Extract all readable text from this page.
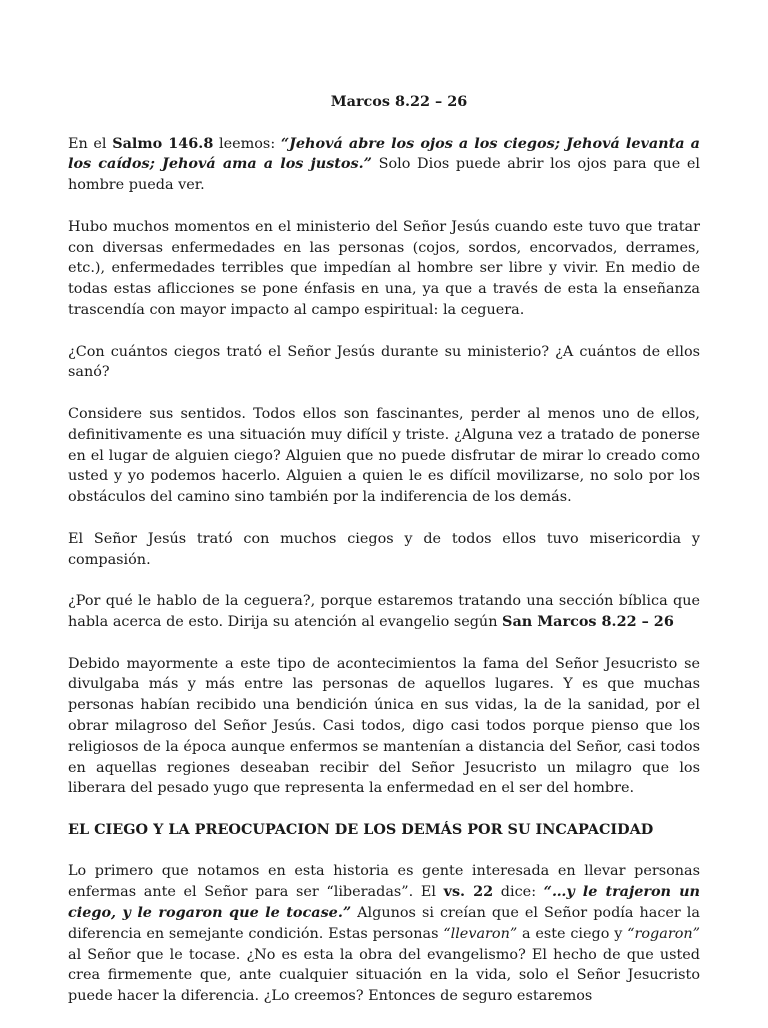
Marcos 8.22 – 26

En el Salmo 146.8 leemos: “Jehová abre los ojos a los ciegos; Jehová levanta a los caídos; Jehová ama a los justos.” Solo Dios puede abrir los ojos para que el hombre pueda ver.

Hubo muchos momentos en el ministerio del Señor Jesús cuando este tuvo que tratar con diversas enfermedades en las personas (cojos, sordos, encorvados, derrames, etc.), enfermedades terribles que impedían al hombre ser libre y vivir. En medio de todas estas aflicciones se pone énfasis en una, ya que a través de esta la enseñanza trascendía con mayor impacto al campo espiritual: la ceguera.

¿Con cuántos ciegos trató el Señor Jesús durante su ministerio? ¿A cuántos de ellos sanó?

Considere sus sentidos. Todos ellos son fascinantes, perder al menos uno de ellos, definitivamente es una situación muy difícil y triste. ¿Alguna vez a tratado de ponerse en el lugar de alguien ciego? Alguien que no puede disfrutar de mirar lo creado como usted y yo podemos hacerlo. Alguien a quien le es difícil movilizarse, no solo por los obstáculos del camino sino también por la indiferencia de los demás.

El Señor Jesús trató con muchos ciegos y de todos ellos tuvo misericordia y compasión.

¿Por qué le hablo de la ceguera?, porque estaremos tratando una sección bíblica que habla acerca de esto. Dirija su atención al evangelio según San Marcos 8.22 – 26

Debido mayormente a este tipo de acontecimientos la fama del Señor Jesucristo se divulgaba más y más entre las personas de aquellos lugares. Y es que muchas personas habían recibido una bendición única en sus vidas, la de la sanidad, por el obrar milagroso del Señor Jesús. Casi todos, digo casi todos porque pienso que los religiosos de la época aunque enfermos se mantenían a distancia del Señor, casi todos en aquellas regiones deseaban recibir del Señor Jesucristo un milagro que los liberara del pesado yugo que representa la enfermedad en el ser del hombre.

EL CIEGO Y LA PREOCUPACION DE LOS DEMÁS POR SU INCAPACIDAD

Lo primero que notamos en esta historia es gente interesada en llevar personas enfermas ante el Señor para ser “liberadas”. El vs. 22 dice: “…y le trajeron un ciego, y le rogaron que le tocase.” Algunos si creían que el Señor podía hacer la diferencia en semejante condición. Estas personas “llevaron” a este ciego y “rogaron” al Señor que le tocase. ¿No es esta la obra del evangelismo? El hecho de que usted crea firmemente que, ante cualquier situación en la vida, solo el Señor Jesucristo puede hacer la diferencia. ¿Lo creemos? Entonces de seguro estaremos
